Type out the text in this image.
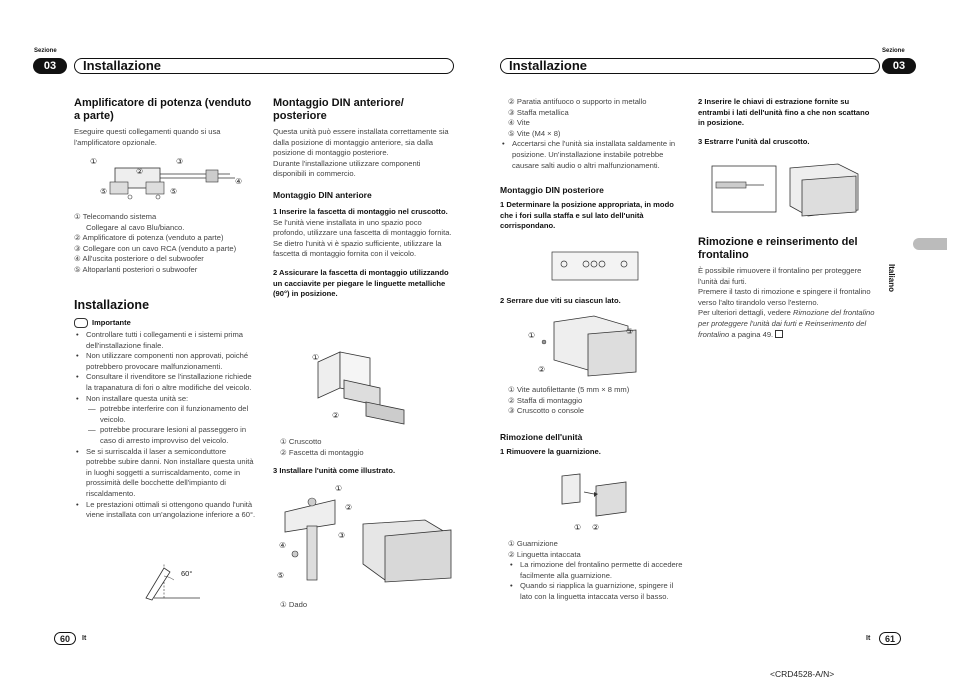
Sezione
03	Installazione
Sezione
Installazione	03
Amplificatore di potenza (venduto a parte)
Eseguire questi collegamenti quando si usa l'amplificatore opzionale.
①	③
②
④
⑤	⑤
① Telecomando sistema
Collegare al cavo Blu/bianco.
② Amplificatore di potenza (venduto a parte)
③ Collegare con un cavo RCA (venduto a parte)
④ All'uscita posteriore o del subwoofer
⑤ Altoparlanti posteriori o subwoofer
Installazione
Importante
• Controllare tutti i collegamenti e i sistemi prima dell'installazione finale.
• Non utilizzare componenti non approvati, poiché potrebbero provocare malfunzionamenti.
• Consultare il rivenditore se l'installazione richiede la trapanatura di fori o altre modifiche del veicolo.
• Non installare questa unità se:
— potrebbe interferire con il funzionamento del veicolo.
— potrebbe procurare lesioni al passeggero in caso di arresto improvviso del veicolo.
• Se si surriscalda il laser a semiconduttore potrebbe subire danni. Non installare questa unità in luoghi soggetti a surriscaldamento, come in prossimità delle bocchette dell'impianto di riscaldamento.
• Le prestazioni ottimali si ottengono quando l'unità viene installata con un'angolazione inferiore a 60°.
60°
Montaggio DIN anteriore/ posteriore
Questa unità può essere installata correttamente sia dalla posizione di montaggio anteriore, sia dalla posizione di montaggio posteriore.
Durante l'installazione utilizzare componenti disponibili in commercio.
Montaggio DIN anteriore
1 Inserire la fascetta di montaggio nel cruscotto.
Se l'unità viene installata in uno spazio poco profondo, utilizzare una fascetta di montaggio fornita. Se dietro l'unità vi è spazio sufficiente, utilizzare la fascetta di montaggio fornita con il veicolo.
2 Assicurare la fascetta di montaggio utilizzando un cacciavite per piegare le linguette metalliche (90°) in posizione.
①
②
① Cruscotto
② Fascetta di montaggio
3 Installare l'unità come illustrato.
①
②
③
④
⑤
① Dado
② Paratia antifuoco o supporto in metallo
③ Staffa metallica
④ Vite
⑤ Vite (M4 × 8)
• Accertarsi che l'unità sia installata saldamente in posizione. Un'installazione instabile potrebbe causare salti audio o altri malfunzionamenti.
Montaggio DIN posteriore
1 Determinare la posizione appropriata, in modo che i fori sulla staffa e sul lato dell'unità corrispondano.
2 Serrare due viti su ciascun lato.
①
②
③
① Vite autofilettante (5 mm × 8 mm)
② Staffa di montaggio
③ Cruscotto o console
Rimozione dell'unità
1 Rimuovere la guarnizione.
① ②
① Guarnizione
② Linguetta intaccata
• La rimozione del frontalino permette di accedere facilmente alla guarnizione.
• Quando si riapplica la guarnizione, spingere il lato con la linguetta intaccata verso il basso.
2 Inserire le chiavi di estrazione fornite su entrambi i lati dell'unità fino a che non scattano in posizione.
3 Estrarre l'unità dal cruscotto.
Rimozione e reinserimento del frontalino
È possibile rimuovere il frontalino per proteggere l'unità dai furti.
Premere il tasto di rimozione e spingere il frontalino verso l'alto tirandolo verso l'esterno.
Per ulteriori dettagli, vedere Rimozione del frontalino per proteggere l'unità dai furti e Reinserimento del frontalino a pagina 49.
Italiano
60	It	It	61
<CRD4528-A/N>
